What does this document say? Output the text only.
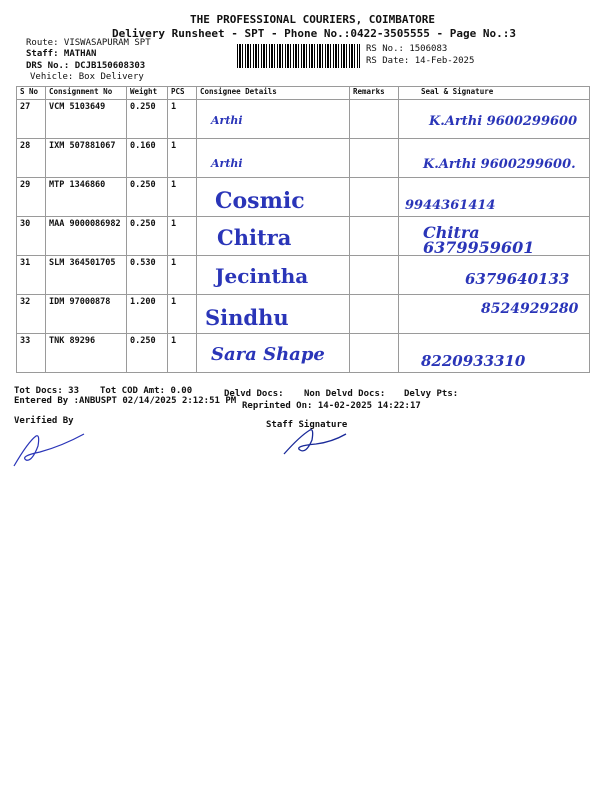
THE PROFESSIONAL COURIERS, COIMBATORE
Delivery Runsheet - SPT - Phone No.:0422-3505555 - Page No.:3
Route: VISWASAPURAM SPT
Staff: MATHAN
DRS No.: DCJB150608303
Vehicle: Box Delivery
RS No.: 1506083
RS Date: 14-Feb-2025
S No	Consignment No	Weight	PCS	Consignee Details	Remarks	Seal & Signature
27	VCM 5103649	0.250	1	Arthi		K.Arthi 9600299600

28	IXM 507881067	0.160	1	Arthi		K.Arthi 9600299600.

29	MTP 1346860	0.250	1	Cosmic		9944361414

30	MAA 9000086982	0.250	1	Chitra		Chitra 6379959601

31	SLM 364501705	0.530	1	Jecintha		6379640133

32	IDM 97000878	1.200	1	Sindhu		8524929280

33	TNK 89296	0.250	1	Sara Shape		8220933310
Tot Docs: 33 Tot COD Amt: 0.00	Delvd Docs: Non Delvd Docs: Delvy Pts:
Entered By :ANBUSPT 02/14/2025 2:12:51 PM Reprinted On: 14-02-2025 14:22:17
Verified By	Staff Signature
